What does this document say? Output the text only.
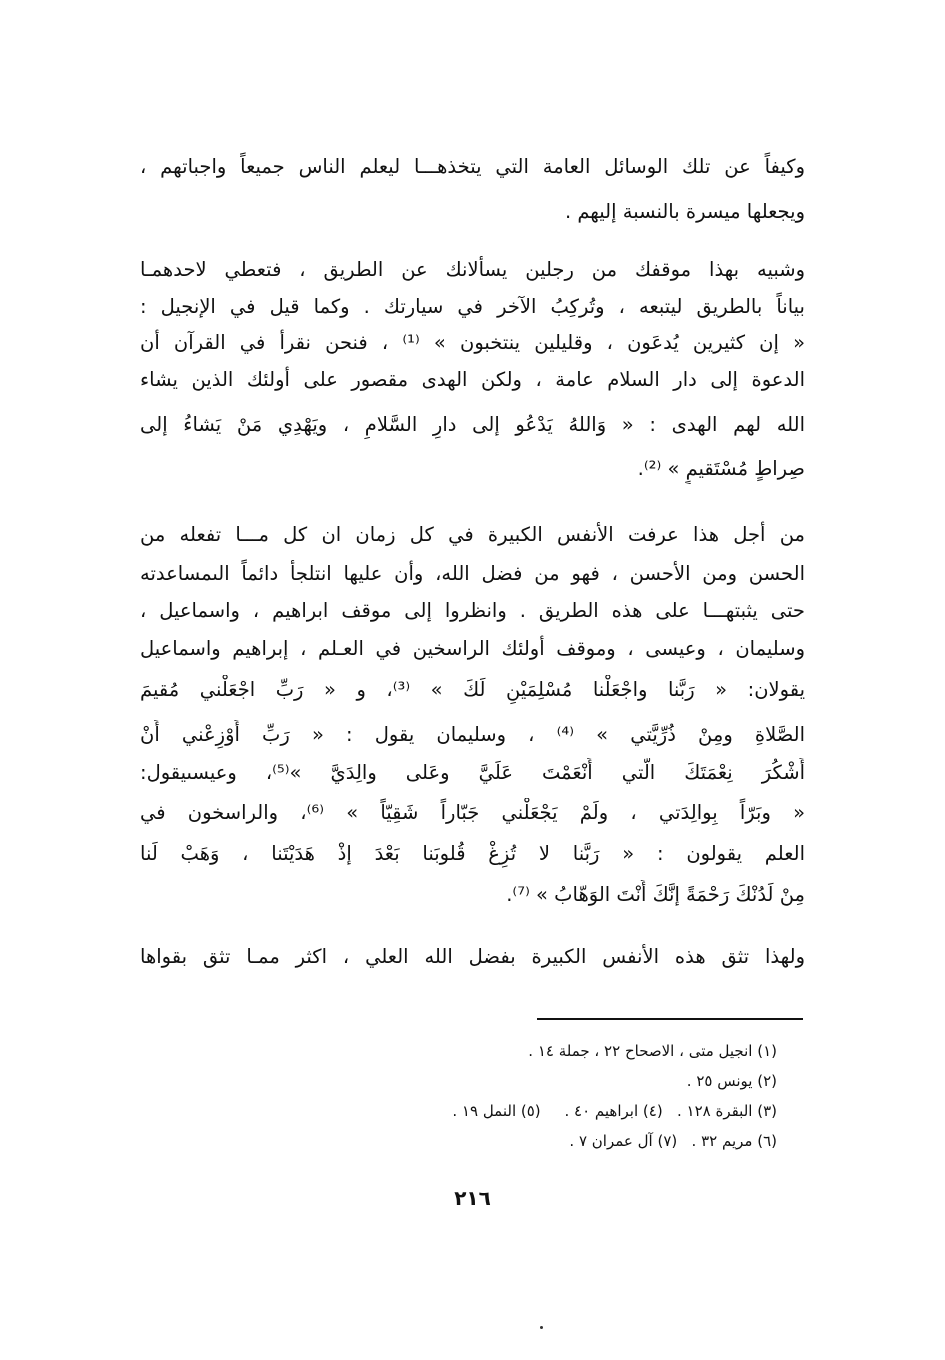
وكيفاً عن تلك الوسائل العامة التي يتخذهـــا ليعلم الناس جميعاً واجباتهم ،
ويجعلها ميسرة بالنسبة إليهم .
وشبيه بهذا موقفك من رجلين يسألانك عن الطريق ، فتعطي لاحدهمـا
بياناً بالطريق ليتبعه ، وتُركِبُ الآخر في سيارتك . وكما قيل في الإنجيل :
« إن كثيرين يُدعَون ، وقليلين ينتخبون » ⁽¹⁾ ، فنحن نقرأ في القرآن أن
الدعوة إلى دار السلام عامة ، ولكن الهدى مقصور على أولئك الذين يشاء
الله لهم الهدى : « وَاللهُ يَدْعُو إلى دارِ السَّلامِ ، ويَهْدِي مَنْ يَشاءُ إلى
صِراطٍ مُسْتَقيمٍ » ⁽²⁾.
من أجل هذا عرفت الأنفس الكبيرة في كل زمان ان كل مـــا تفعله من
الحسن ومن الأحسن ، فهو من فضل الله، وأن عليها انتلجأ دائماً الىمساعدته
حتى يثبتهـــا على هذه الطريق . وانظروا إلى موقف ابراهيم ، واسماعيل ،
وسليمان ، وعيسى ، وموقف أولئك الراسخين في العـلم ، إبراهيم واسماعيل
يقولان: « رَبَّنا واجْعَلْنا مُسْلِمَيْنِ لَكَ » ⁽³⁾، و « رَبِّ اجْعَلْني مُقيمَ
الصَّلاةِ ومِنْ ذُرِّيَّتي » ⁽⁴⁾ ، وسليمان يقول : « رَبِّ أَوْزِعْني أَنْ
أَشْكُرَ نِعْمَتَكَ الَّتي أَنْعَمْتَ عَلَيَّ وعَلى والِدَيَّ »⁽⁵⁾، وعيسىيقول:
« وبَرّاً بِوالِدَتي ، ولَمْ يَجْعَلْني جَبّاراً شَقِيّاً » ⁽⁶⁾، والراسخون في
العلم يقولون : « رَبَّنا لا تُزِغْ قُلوبَنا بَعْدَ إذْ هَدَيْتَنا ، وَهَبْ لَنا
مِنْ لَدُنْكَ رَحْمَةً إنَّكَ أَنْتَ الوَهّابُ » ⁽⁷⁾.
ولهذا تثق هذه الأنفس الكبيرة بفضل الله العلي ، اكثر ممـا تثق بقواها
(١) انجيل متى ، الاصحاح ٢٢ ، جملة ١٤ .
(٢) يونس ٢٥ .
(٣) البقرة ١٢٨ .   (٤) ابراهيم ٤٠ .     (٥) النمل ١٩ .
(٦) مريم ٣٢ .   (٧) آل عمران ٧ .
٢١٦
